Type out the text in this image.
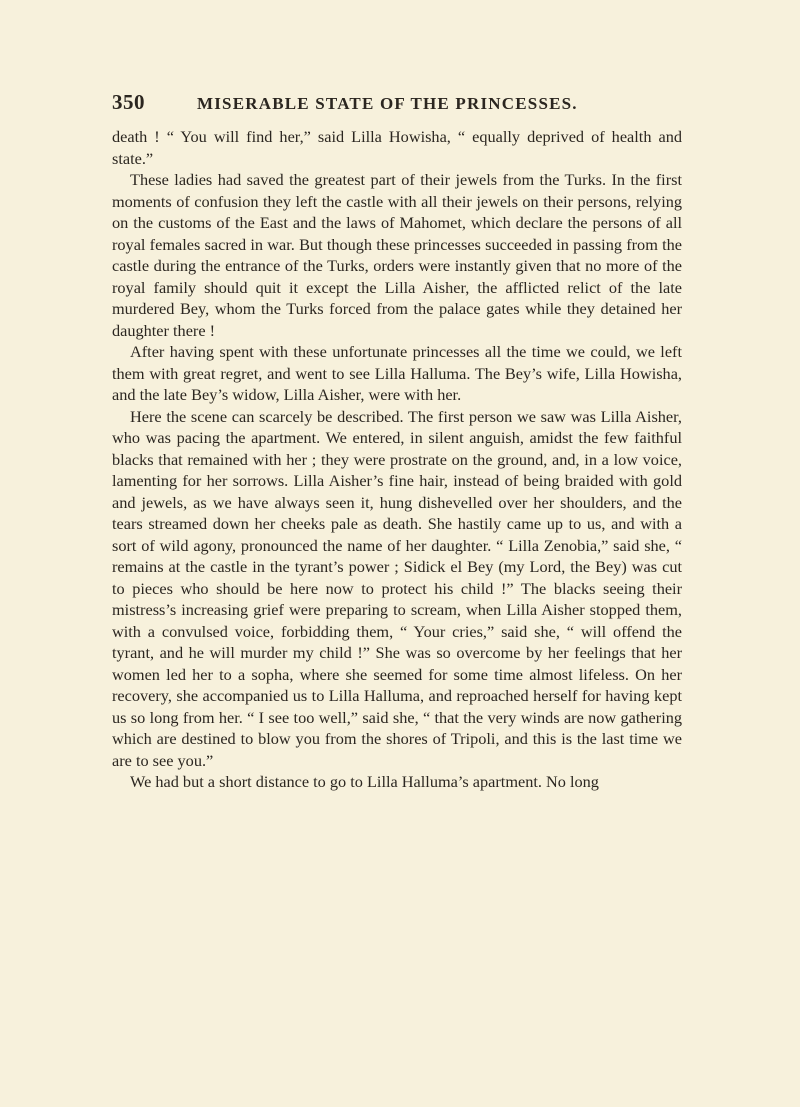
350	MISERABLE STATE OF THE PRINCESSES.

death ! “ You will find her,” said Lilla Howisha, “ equally deprived of health and state.”

These ladies had saved the greatest part of their jewels from the Turks. In the first moments of confusion they left the castle with all their jewels on their persons, relying on the customs of the East and the laws of Mahomet, which declare the persons of all royal females sacred in war. But though these princesses succeeded in passing from the castle during the entrance of the Turks, orders were instantly given that no more of the royal family should quit it except the Lilla Aisher, the afflicted relict of the late murdered Bey, whom the Turks forced from the palace gates while they detained her daughter there !

After having spent with these unfortunate princesses all the time we could, we left them with great regret, and went to see Lilla Halluma. The Bey’s wife, Lilla Howisha, and the late Bey’s widow, Lilla Aisher, were with her.

Here the scene can scarcely be described. The first person we saw was Lilla Aisher, who was pacing the apartment. We entered, in silent anguish, amidst the few faithful blacks that remained with her ; they were prostrate on the ground, and, in a low voice, lamenting for her sorrows. Lilla Aisher’s fine hair, instead of being braided with gold and jewels, as we have always seen it, hung dishevelled over her shoulders, and the tears streamed down her cheeks pale as death. She hastily came up to us, and with a sort of wild agony, pronounced the name of her daughter. “ Lilla Zenobia,” said she, “ remains at the castle in the tyrant’s power ; Sidick el Bey (my Lord, the Bey) was cut to pieces who should be here now to protect his child !” The blacks seeing their mistress’s increasing grief were preparing to scream, when Lilla Aisher stopped them, with a convulsed voice, forbidding them, “ Your cries,” said she, “ will offend the tyrant, and he will murder my child !” She was so overcome by her feelings that her women led her to a sopha, where she seemed for some time almost lifeless. On her recovery, she accompanied us to Lilla Halluma, and reproached herself for having kept us so long from her. “ I see too well,” said she, “ that the very winds are now gathering which are destined to blow you from the shores of Tripoli, and this is the last time we are to see you.”

We had but a short distance to go to Lilla Halluma’s apartment. No long
